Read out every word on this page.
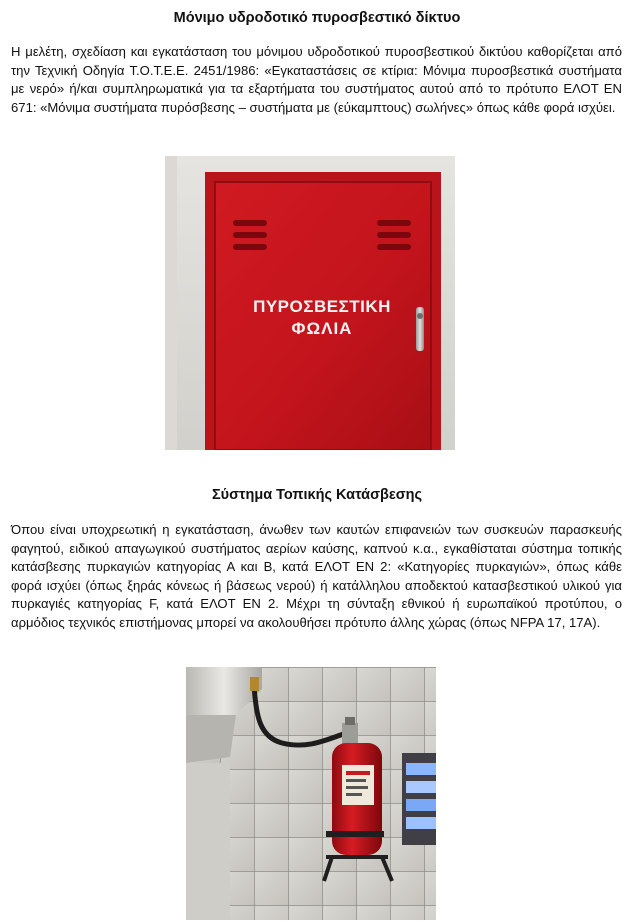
Μόνιμο υδροδοτικό πυροσβεστικό δίκτυο

Η μελέτη, σχεδίαση και εγκατάσταση του μόνιμου υδροδοτικού πυροσβεστικού δικτύου καθορίζεται από την Τεχνική Οδηγία Τ.Ο.Τ.Ε.Ε. 2451/1986: «Εγκαταστάσεις σε κτίρια: Μόνιμα πυροσβεστικά συστήματα με νερό» ή/και συμπληρωματικά για τα εξαρτήματα του συστήματος αυτού από το πρότυπο ΕΛΟΤ ΕΝ 671: «Μόνιμα συστήματα πυρόσβεσης – συστήματα με (εύκαμπτους) σωλήνες» όπως κάθε φορά ισχύει.

ΠΥΡΟΣΒΕΣΤΙΚΗ
ΦΩΛΙΑ
Σύστημα Τοπικής Κατάσβεσης

Όπου είναι υποχρεωτική η εγκατάσταση, άνωθεν των καυτών επιφανειών των συσκευών παρασκευής φαγητού, ειδικού απαγωγικού συστήματος αερίων καύσης, καπνού κ.α., εγκαθίσταται σύστημα τοπικής κατάσβεσης πυρκαγιών κατηγορίας Α και Β, κατά ΕΛΟΤ ΕΝ 2: «Κατηγορίες πυρκαγιών», όπως κάθε φορά ισχύει (όπως ξηράς κόνεως ή βάσεως νερού) ή κατάλληλου αποδεκτού κατασβεστικού υλικού για πυρκαγιές κατηγορίας F, κατά ΕΛΟΤ ΕΝ 2. Μέχρι τη σύνταξη εθνικού ή ευρωπαϊκού προτύπου, ο αρμόδιος τεχνικός επιστήμονας μπορεί να ακολουθήσει πρότυπο άλλης χώρας (όπως NFPA 17, 17Α).
